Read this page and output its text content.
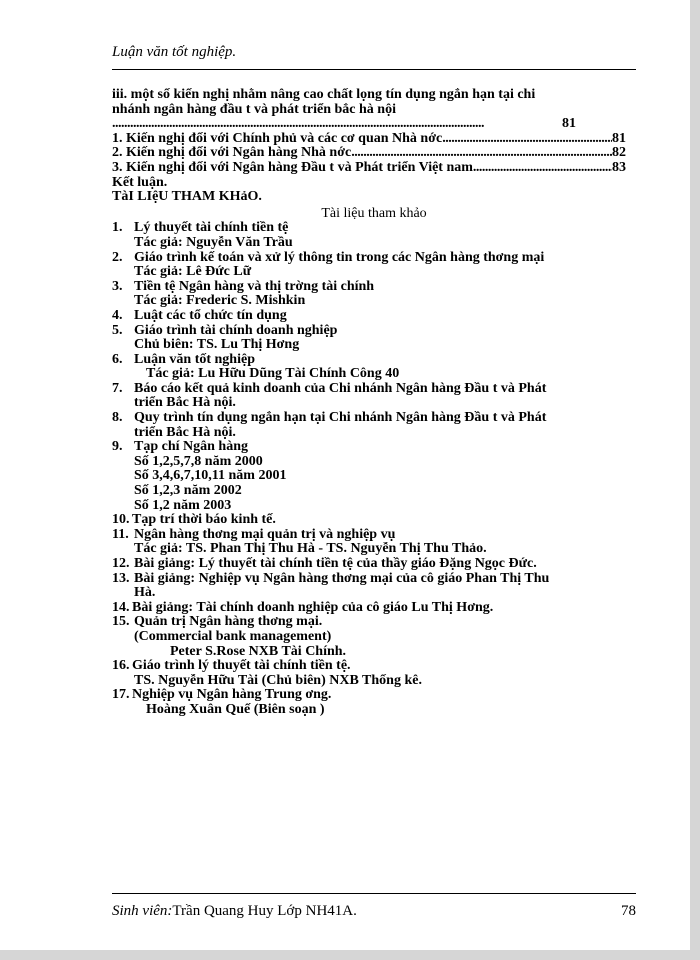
Luận văn tốt nghiệp.
iii. một số kiến nghị nhằm nâng cao chất lọng tín dụng ngắn hạn tại chi
nhánh ngân hàng đầu t và phát triển bắc hà nội
.....
81
1. Kiến nghị đối với Chính phủ và các cơ quan Nhà nớc .....	81
2. Kiến nghị đối với Ngân hàng Nhà nớc .....	82
3. Kiến nghị đối với Ngân hàng Đầu t và Phát triển Việt nam .....	83
Kết luận.
TàI LIệU THAM KHảO.
Tài liệu tham khảo
1. Lý thuyết tài chính tiền tệ
Tác giả: Nguyễn Văn Trầu
2. Giáo trình kế toán và xử lý thông tin trong các Ngân hàng thơng mại
Tác giả: Lê Đức Lữ
3. Tiền tệ Ngân hàng và thị trờng tài chính
Tác giả: Frederic S. Mishkin
4. Luật các tổ chức tín dụng
5. Giáo trình tài chính doanh nghiệp
Chủ biên: TS. Lu Thị Hơng
6. Luận văn tốt nghiệp
Tác giả: Lu Hữu Dũng Tài Chính Công 40
7. Báo cáo kết quả kinh doanh của Chi nhánh Ngân hàng Đầu t và Phát
triển Bắc Hà nội.
8. Quy trình tín dụng ngắn hạn tại Chi nhánh Ngân hàng Đầu t và Phát
triển Bắc Hà nội.
9. Tạp chí Ngân hàng
Số 1,2,5,7,8 năm 2000
Số 3,4,6,7,10,11 năm 2001
Số 1,2,3 năm 2002
Số 1,2 năm 2003
10. Tạp trí thời báo kinh tế.
11. Ngân hàng thơng mại quản trị và nghiệp vụ
Tác giả: TS. Phan Thị Thu Hà - TS. Nguyễn Thị Thu Thảo.
12. Bài giảng: Lý thuyết tài chính tiền tệ của thầy giáo Đặng Ngọc Đức.
13. Bài giảng: Nghiệp vụ Ngân hàng thơng mại của cô giáo Phan Thị Thu
Hà.
14. Bài giảng: Tài chính doanh nghiệp của cô giáo Lu Thị Hơng.
15. Quản trị Ngân hàng thơng mại.
(Commercial bank management)
Peter S.Rose NXB Tài Chính.
16. Giáo trình lý thuyết tài chính tiền tệ.
TS. Nguyễn Hữu Tài (Chủ biên) NXB Thống kê.
17. Nghiệp vụ Ngân hàng Trung ơng.
Hoàng Xuân Quế (Biên soạn )
Sinh viên:Trần Quang Huy Lớp NH41A.	78
